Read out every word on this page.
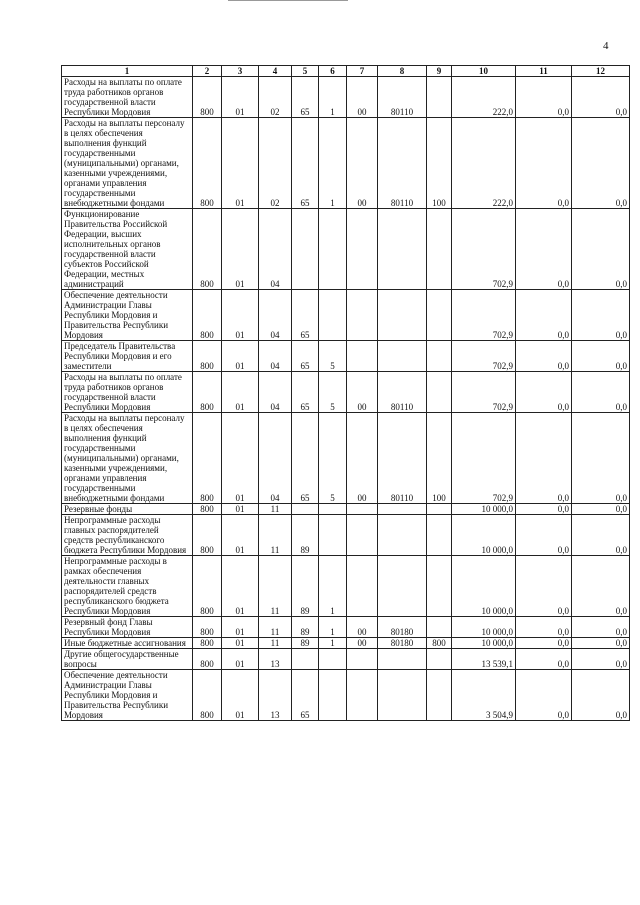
4
1	2	3	4	5	6	7	8	9	10	11	12
Расходы на выплаты по оплате труда работников органов государственной власти Республики Мордовия	800	01	02	65	1	00	80110		222,0	0,0	0,0
Расходы на выплаты персоналу в целях обеспечения выполнения функций государственными (муниципальными) органами, казенными учреждениями, органами управления государственными внебюджетными фондами	800	01	02	65	1	00	80110	100	222,0	0,0	0,0
Функционирование Правительства Российской Федерации, высших исполнительных органов государственной власти субъектов Российской Федерации, местных администраций	800	01	04						702,9	0,0	0,0
Обеспечение деятельности Администрации Главы Республики Мордовия и Правительства Республики Мордовия	800	01	04	65					702,9	0,0	0,0
Председатель Правительства Республики Мордовия и его заместители	800	01	04	65	5				702,9	0,0	0,0
Расходы на выплаты по оплате труда работников органов государственной власти Республики Мордовия	800	01	04	65	5	00	80110		702,9	0,0	0,0
Расходы на выплаты персоналу в целях обеспечения выполнения функций государственными (муниципальными) органами, казенными учреждениями, органами управления государственными внебюджетными фондами	800	01	04	65	5	00	80110	100	702,9	0,0	0,0
Резервные фонды	800	01	11						10 000,0	0,0	0,0
Непрограммные расходы главных распорядителей средств республиканского бюджета Республики Мордовия	800	01	11	89					10 000,0	0,0	0,0
Непрограммные расходы в рамках обеспечения деятельности главных распорядителей средств республиканского бюджета Республики Мордовия	800	01	11	89	1				10 000,0	0,0	0,0
Резервный фонд Главы Республики Мордовия	800	01	11	89	1	00	80180		10 000,0	0,0	0,0
Иные бюджетные ассигнования	800	01	11	89	1	00	80180	800	10 000,0	0,0	0,0
Другие общегосударственные вопросы	800	01	13						13 539,1	0,0	0,0
Обеспечение деятельности Администрации Главы Республики Мордовия и Правительства Республики Мордовия	800	01	13	65					3 504,9	0,0	0,0
